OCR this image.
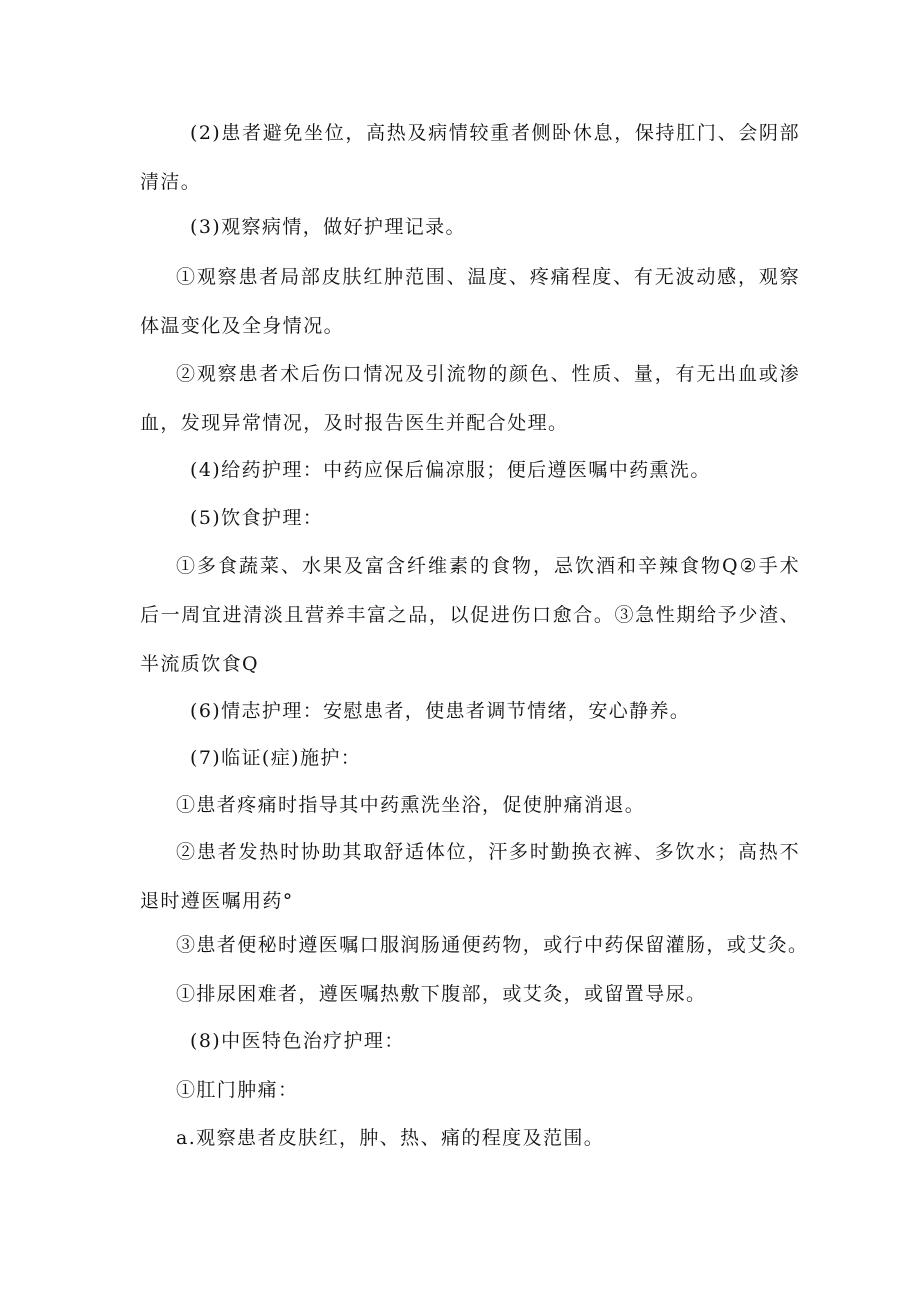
(2)患者避免坐位，高热及病情较重者侧卧休息，保持肛门、会阴部清洁。

(3)观察病情，做好护理记录。

①观察患者局部皮肤红肿范围、温度、疼痛程度、有无波动感，观察体温变化及全身情况。

②观察患者术后伤口情况及引流物的颜色、性质、量，有无出血或渗血，发现异常情况，及时报告医生并配合处理。

(4)给药护理：中药应保后偏凉服；便后遵医嘱中药熏洗。

(5)饮食护理：

①多食蔬菜、水果及富含纤维素的食物，忌饮酒和辛辣食物Q②手术后一周宜进清淡且营养丰富之品，以促进伤口愈合。③急性期给予少渣、半流质饮食Q

(6)情志护理：安慰患者，使患者调节情绪，安心静养。

(7)临证(症)施护：

①患者疼痛时指导其中药熏洗坐浴，促使肿痛消退。

②患者发热时协助其取舒适体位，汗多时勤换衣裤、多饮水；高热不退时遵医嘱用药°

③患者便秘时遵医嘱口服润肠通便药物，或行中药保留灌肠，或艾灸。

①排尿困难者，遵医嘱热敷下腹部，或艾灸，或留置导尿。

(8)中医特色治疗护理：

①肛门肿痛：

a.观察患者皮肤红，肿、热、痛的程度及范围。
